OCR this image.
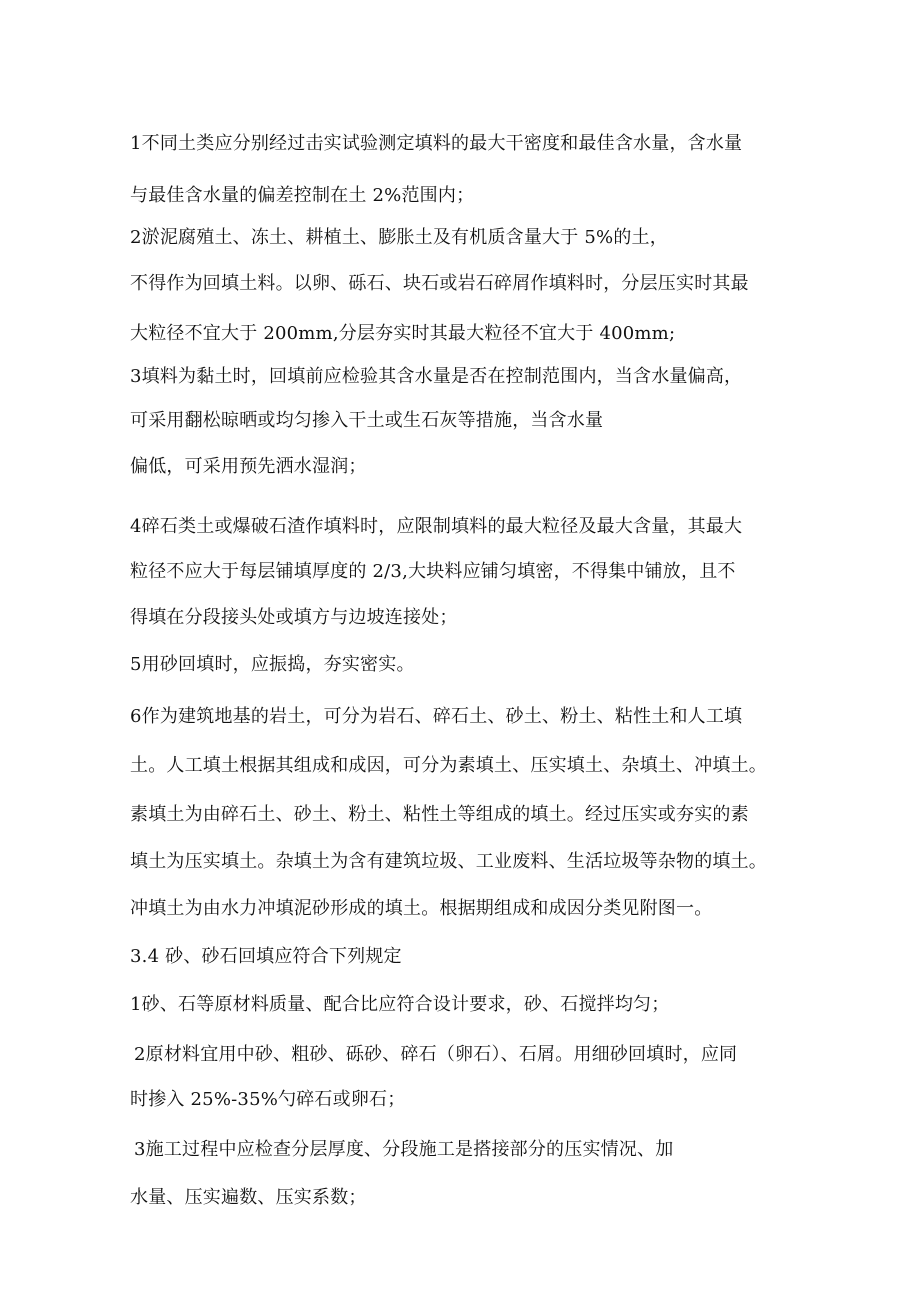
1不同土类应分别经过击实试验测定填料的最大干密度和最佳含水量，含水量
与最佳含水量的偏差控制在土 2%范围内；
2淤泥腐殖土、冻土、耕植土、膨胀土及有机质含量大于 5%的土，
不得作为回填土料。以卵、砾石、块石或岩石碎屑作填料时，分层压实时其最
大粒径不宜大于 200mm,分层夯实时其最大粒径不宜大于 400mm;
3填料为黏土时，回填前应检验其含水量是否在控制范围内，当含水量偏高，
可采用翻松晾晒或均匀掺入干土或生石灰等措施，当含水量
偏低，可采用预先洒水湿润；
4碎石类土或爆破石渣作填料时，应限制填料的最大粒径及最大含量，其最大
粒径不应大于每层铺填厚度的 2/3,大块料应铺匀填密，不得集中铺放，且不
得填在分段接头处或填方与边坡连接处；
5用砂回填时，应振捣，夯实密实。
6作为建筑地基的岩土，可分为岩石、碎石土、砂土、粉土、粘性土和人工填
土。人工填土根据其组成和成因，可分为素填土、压实填土、杂填土、冲填土。
素填土为由碎石土、砂土、粉土、粘性土等组成的填土。经过压实或夯实的素
填土为压实填土。杂填土为含有建筑垃圾、工业废料、生活垃圾等杂物的填土。
冲填土为由水力冲填泥砂形成的填土。根据期组成和成因分类见附图一。
3.4 砂、砂石回填应符合下列规定
1砂、石等原材料质量、配合比应符合设计要求，砂、石搅拌均匀；
2原材料宜用中砂、粗砂、砾砂、碎石（卵石）、石屑。用细砂回填时，应同
时掺入 25%-35%勺碎石或卵石；
3施工过程中应检查分层厚度、分段施工是搭接部分的压实情况、加
水量、压实遍数、压实系数；
